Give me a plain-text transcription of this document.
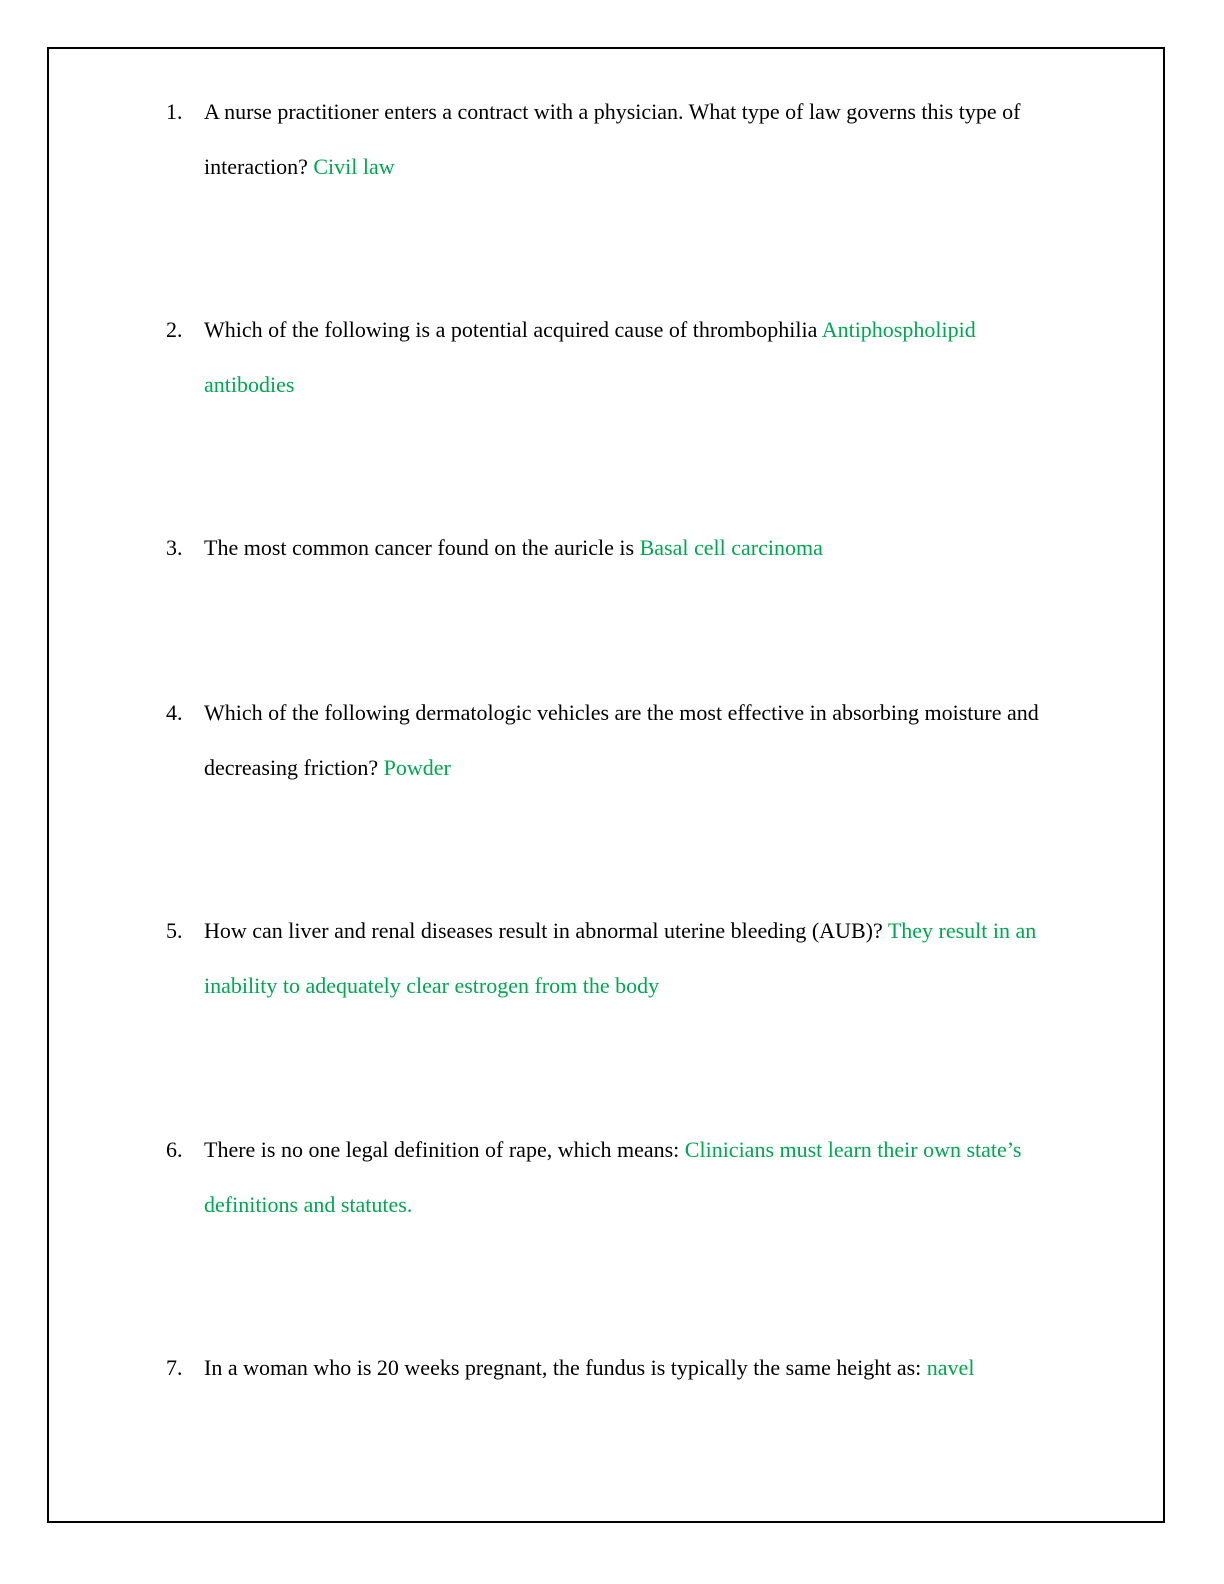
1. A nurse practitioner enters a contract with a physician. What type of law governs this type of interaction? Civil law
2. Which of the following is a potential acquired cause of thrombophilia Antiphospholipid antibodies
3. The most common cancer found on the auricle is Basal cell carcinoma
4. Which of the following dermatologic vehicles are the most effective in absorbing moisture and decreasing friction? Powder
5. How can liver and renal diseases result in abnormal uterine bleeding (AUB)? They result in an inability to adequately clear estrogen from the body
6. There is no one legal definition of rape, which means: Clinicians must learn their own state’s definitions and statutes.
7. In a woman who is 20 weeks pregnant, the fundus is typically the same height as: navel
